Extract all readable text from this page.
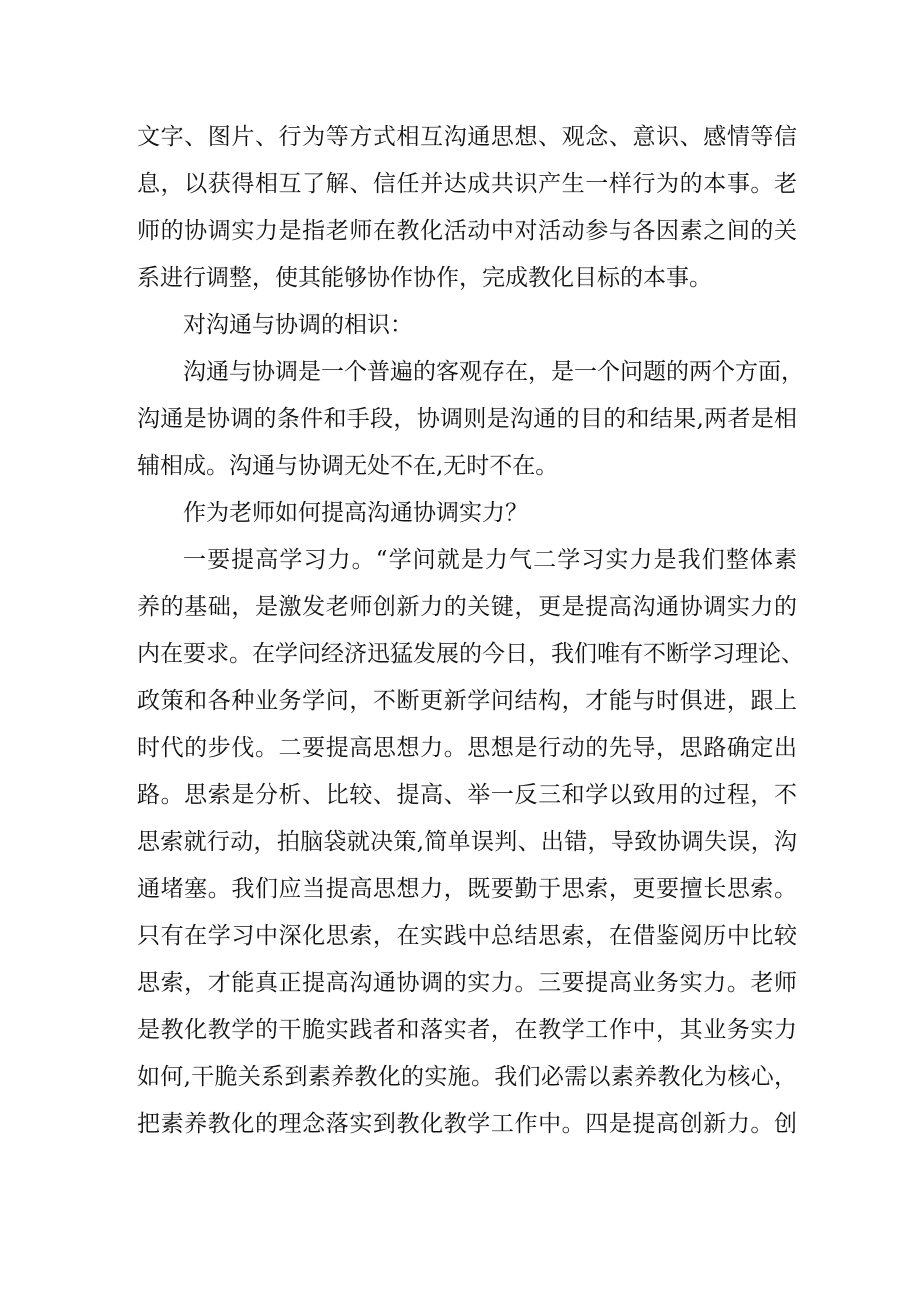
文字、图片、行为等方式相互沟通思想、观念、意识、感情等信
息，以获得相互了解、信任并达成共识产生一样行为的本事。老
师的协调实力是指老师在教化活动中对活动参与各因素之间的关
系进行调整，使其能够协作协作，完成教化目标的本事。
对沟通与协调的相识：
沟通与协调是一个普遍的客观存在，是一个问题的两个方面，
沟通是协调的条件和手段，协调则是沟通的目的和结果,两者是相
辅相成。沟通与协调无处不在,无时不在。
作为老师如何提高沟通协调实力？
一要提高学习力。“学问就是力气二学习实力是我们整体素
养的基础，是激发老师创新力的关键，更是提高沟通协调实力的
内在要求。在学问经济迅猛发展的今日，我们唯有不断学习理论、
政策和各种业务学问，不断更新学问结构，才能与时俱进，跟上
时代的步伐。二要提高思想力。思想是行动的先导，思路确定出
路。思索是分析、比较、提高、举一反三和学以致用的过程，不
思索就行动，拍脑袋就决策,简单误判、出错，导致协调失误，沟
通堵塞。我们应当提高思想力，既要勤于思索，更要擅长思索。
只有在学习中深化思索，在实践中总结思索，在借鉴阅历中比较
思索，才能真正提高沟通协调的实力。三要提高业务实力。老师
是教化教学的干脆实践者和落实者，在教学工作中，其业务实力
如何,干脆关系到素养教化的实施。我们必需以素养教化为核心，
把素养教化的理念落实到教化教学工作中。四是提高创新力。创
